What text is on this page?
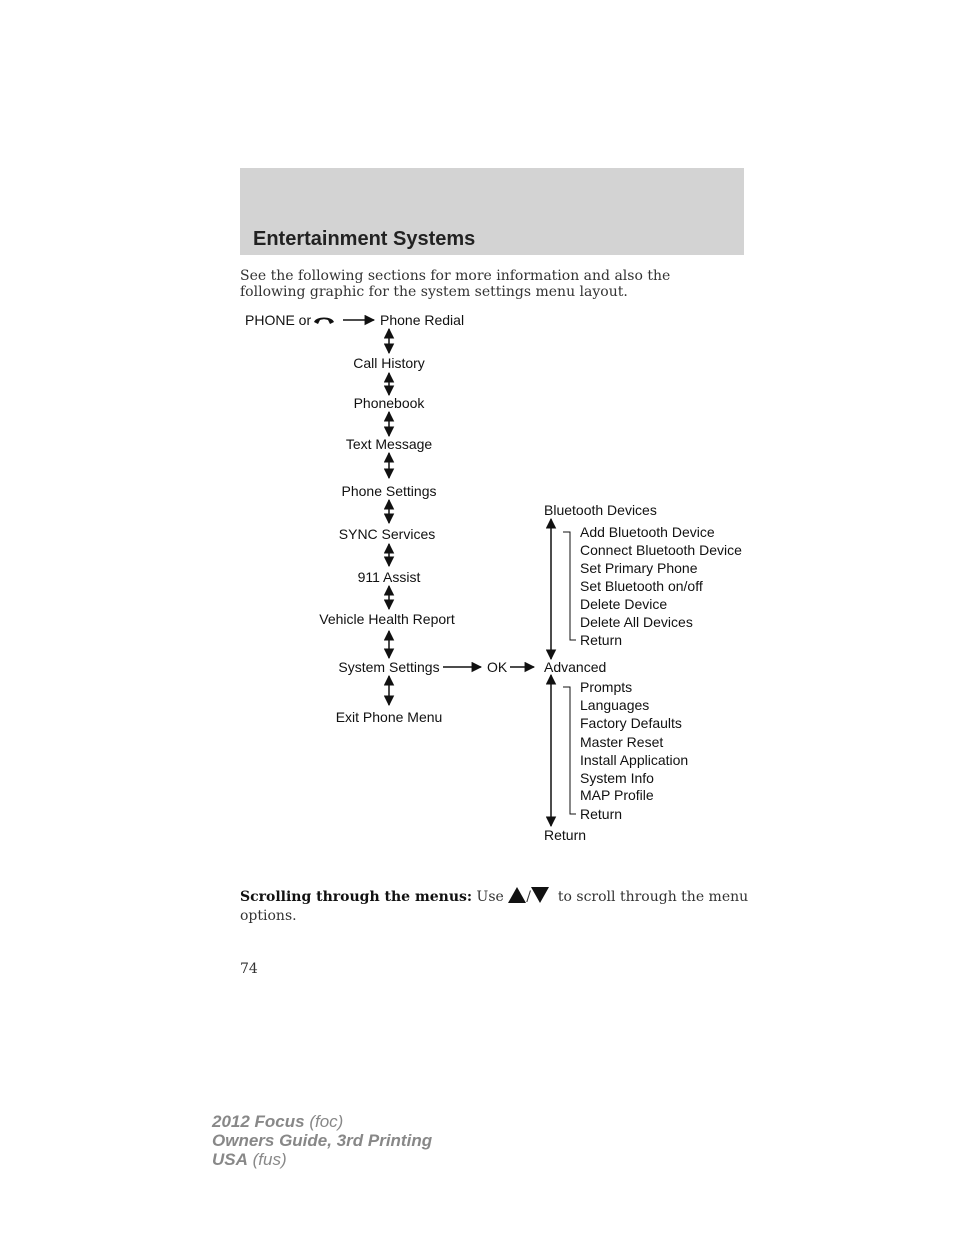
Entertainment Systems
See the following sections for more information and also the following graphic for the system settings menu layout.
PHONE or	Phone Redial
Call History
Phonebook
Text Message
Phone Settings
SYNC Services
911 Assist
Vehicle Health Report
System Settings
Exit Phone Menu
OK
Bluetooth Devices
Add Bluetooth Device
Connect Bluetooth Device
Set Primary Phone
Set Bluetooth on/off
Delete Device
Delete All Devices
Return
Advanced
Prompts
Languages
Factory Defaults
Master Reset
Install Application
System Info
MAP Profile
Return
Return
Scrolling through the menus: Use / to scroll through the menu options.
74
2012 Focus (foc)
Owners Guide, 3rd Printing
USA (fus)
